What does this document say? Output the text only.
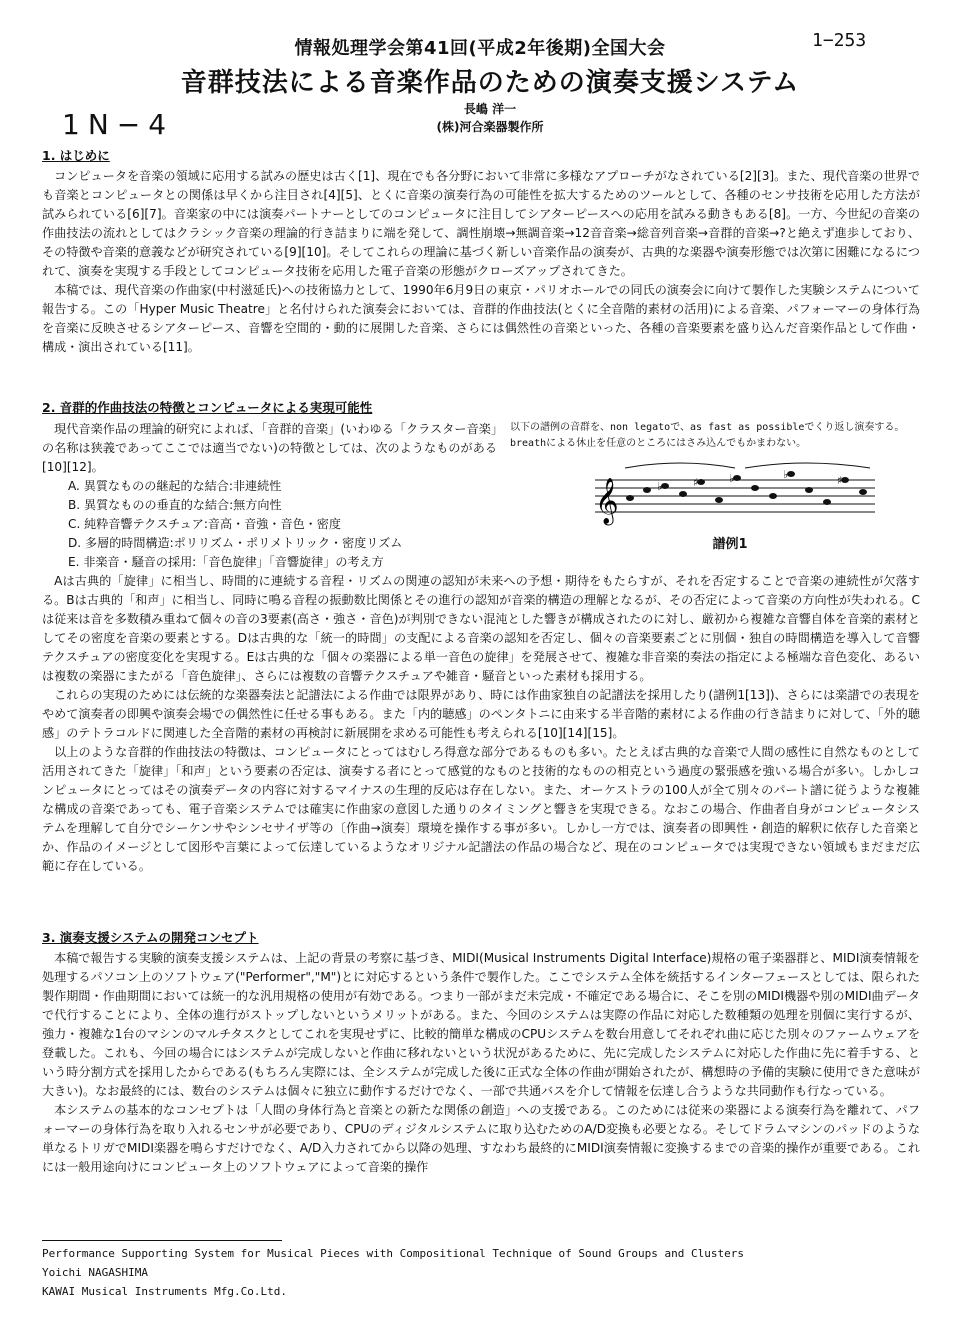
情報処理学会第41回(平成2年後期)全国大会	1−253
音群技法による音楽作品のための演奏支援システム
1N−4	長嶋 洋一
(株)河合楽器製作所
1. はじめに

コンピュータを音楽の領域に応用する試みの歴史は古く[1]、現在でも各分野において非常に多様なアプローチがなされている[2][3]。また、現代音楽の世界でも音楽とコンピュータとの関係は早くから注目され[4][5]、とくに音楽の演奏行為の可能性を拡大するためのツールとして、各種のセンサ技術を応用した方法が試みられている[6][7]。音楽家の中には演奏パートナーとしてのコンピュータに注目してシアターピースへの応用を試みる動きもある[8]。一方、今世紀の音楽の作曲技法の流れとしてはクラシック音楽の理論的行き詰まりに端を発して、調性崩壊→無調音楽→12音音楽→総音列音楽→音群的音楽→?と絶えず進歩しており、その特徴や音楽的意義などが研究されている[9][10]。そしてこれらの理論に基づく新しい音楽作品の演奏が、古典的な楽器や演奏形態では次第に困難になるにつれて、演奏を実現する手段としてコンピュータ技術を応用した電子音楽の形態がクローズアップされてきた。

本稿では、現代音楽の作曲家(中村滋延氏)への技術協力として、1990年6月9日の東京・パリオホールでの同氏の演奏会に向けて製作した実験システムについて報告する。この「Hyper Music Theatre」と名付けられた演奏会においては、音群的作曲技法(とくに全音階的素材の活用)による音楽、パフォーマーの身体行為を音楽に反映させるシアターピース、音響を空間的・動的に展開した音楽、さらには偶然性の音楽といった、各種の音楽要素を盛り込んだ音楽作品として作曲・構成・演出されている[11]。

2. 音群的作曲技法の特徴とコンピュータによる実現可能性

現代音楽作品の理論的研究によれば、「音群的音楽」(いわゆる「クラスター音楽」の名称は狭義であってここでは適当でない)の特徴としては、次のようなものがある[10][12]。

A. 異質なものの継起的な結合:非連続性
B. 異質なものの垂直的な結合:無方向性
C. 純粋音響テクスチュア:音高・音強・音色・密度
D. 多層的時間構造:ポリリズム・ポリメトリック・密度リズム
E. 非楽音・騒音の採用:「音色旋律」「音響旋律」の考え方
以下の譜例の音群を、non legatoで、as fast as possibleでくり返し演奏する。breathによる休止を任意のところにはさみ込んでもかまわない。
𝄞	♭	♯	♭	♭	♯
譜例1

Aは古典的「旋律」に相当し、時間的に連続する音程・リズムの関連の認知が未来への予想・期待をもたらすが、それを否定することで音楽の連続性が欠落する。Bは古典的「和声」に相当し、同時に鳴る音程の振動数比関係とその進行の認知が音楽的構造の理解となるが、その否定によって音楽の方向性が失われる。Cは従来は音を多数積み重ねて個々の音の3要素(高さ・強さ・音色)が判別できない混沌とした響きが構成されたのに対し、厳初から複雑な音響自体を音楽的素材としてその密度を音楽の要素とする。Dは古典的な「統一的時間」の支配による音楽の認知を否定し、個々の音楽要素ごとに別個・独自の時間構造を導入して音響テクスチュアの密度変化を実現する。Eは古典的な「個々の楽器による単一音色の旋律」を発展させて、複雑な非音楽的奏法の指定による極端な音色変化、あるいは複数の楽器にまたがる「音色旋律」、さらには複数の音響テクスチュアや雑音・騒音といった素材も採用する。

これらの実現のためには伝統的な楽器奏法と記譜法による作曲では限界があり、時には作曲家独自の記譜法を採用したり(譜例1[13])、さらには楽譜での表現をやめて演奏者の即興や演奏会場での偶然性に任せる事もある。また「内的聴感」のペンタトニに由来する半音階的素材による作曲の行き詰まりに対して、「外的聴感」のテトラコルドに関連した全音階的素材の再検討に新展開を求める可能性も考えられる[10][14][15]。

以上のような音群的作曲技法の特徴は、コンピュータにとってはむしろ得意な部分であるものも多い。たとえば古典的な音楽で人間の感性に自然なものとして活用されてきた「旋律」「和声」という要素の否定は、演奏する者にとって感覚的なものと技術的なものの相克という過度の緊張感を強いる場合が多い。しかしコンピュータにとってはその演奏データの内容に対するマイナスの生理的反応は存在しない。また、オーケストラの100人が全て別々のパート譜に従うような複雑な構成の音楽であっても、電子音楽システムでは確実に作曲家の意図した通りのタイミングと響きを実現できる。なおこの場合、作曲者自身がコンピュータシステムを理解して自分でシーケンサやシンセサイザ等の〔作曲→演奏〕環境を操作する事が多い。しかし一方では、演奏者の即興性・創造的解釈に依存した音楽とか、作品のイメージとして図形や言葉によって伝達しているようなオリジナル記譜法の作品の場合など、現在のコンピュータでは実現できない領域もまだまだ広範に存在している。

3. 演奏支援システムの開発コンセプト

本稿で報告する実験的演奏支援システムは、上記の背景の考察に基づき、MIDI(Musical Instruments Digital Interface)規格の電子楽器群と、MIDI演奏情報を処理するパソコン上のソフトウェア("Performer","M")とに対応するという条件で製作した。ここでシステム全体を統括するインターフェースとしては、限られた製作期間・作曲期間においては統一的な汎用規格の使用が有効である。つまり一部がまだ未完成・不確定である場合に、そこを別のMIDI機器や別のMIDI曲データで代行することにより、全体の進行がストップしないというメリットがある。また、今回のシステムは実際の作品に対応した数種類の処理を別個に実行するが、強力・複雑な1台のマシンのマルチタスクとしてこれを実現せずに、比較的簡単な構成のCPUシステムを数台用意してそれぞれ曲に応じた別々のファームウェアを登載した。これも、今回の場合にはシステムが完成しないと作曲に移れないという状況があるために、先に完成したシステムに対応した作曲に先に着手する、という時分割方式を採用したからである(もちろん実際には、全システムが完成した後に正式な全体の作曲が開始されたが、構想時の予備的実験に使用できた意味が大きい)。なお最終的には、数台のシステムは個々に独立に動作するだけでなく、一部で共通バスを介して情報を伝達し合うような共同動作も行なっている。

本システムの基本的なコンセプトは「人間の身体行為と音楽との新たな関係の創造」への支援である。このためには従来の楽器による演奏行為を離れて、パフォーマーの身体行為を取り入れるセンサが必要であり、CPUのディジタルシステムに取り込むためのA/D変換も必要となる。そしてドラムマシンのパッドのような単なるトリガでMIDI楽器を鳴らすだけでなく、A/D入力されてから以降の処理、すなわち最終的にMIDI演奏情報に変換するまでの音楽的操作が重要である。これには一般用途向けにコンピュータ上のソフトウェアによって音楽的操作

Performance Supporting System for Musical Pieces with Compositional Technique of Sound Groups and Clusters
Yoichi NAGASHIMA
KAWAI Musical Instruments Mfg.Co.Ltd.
